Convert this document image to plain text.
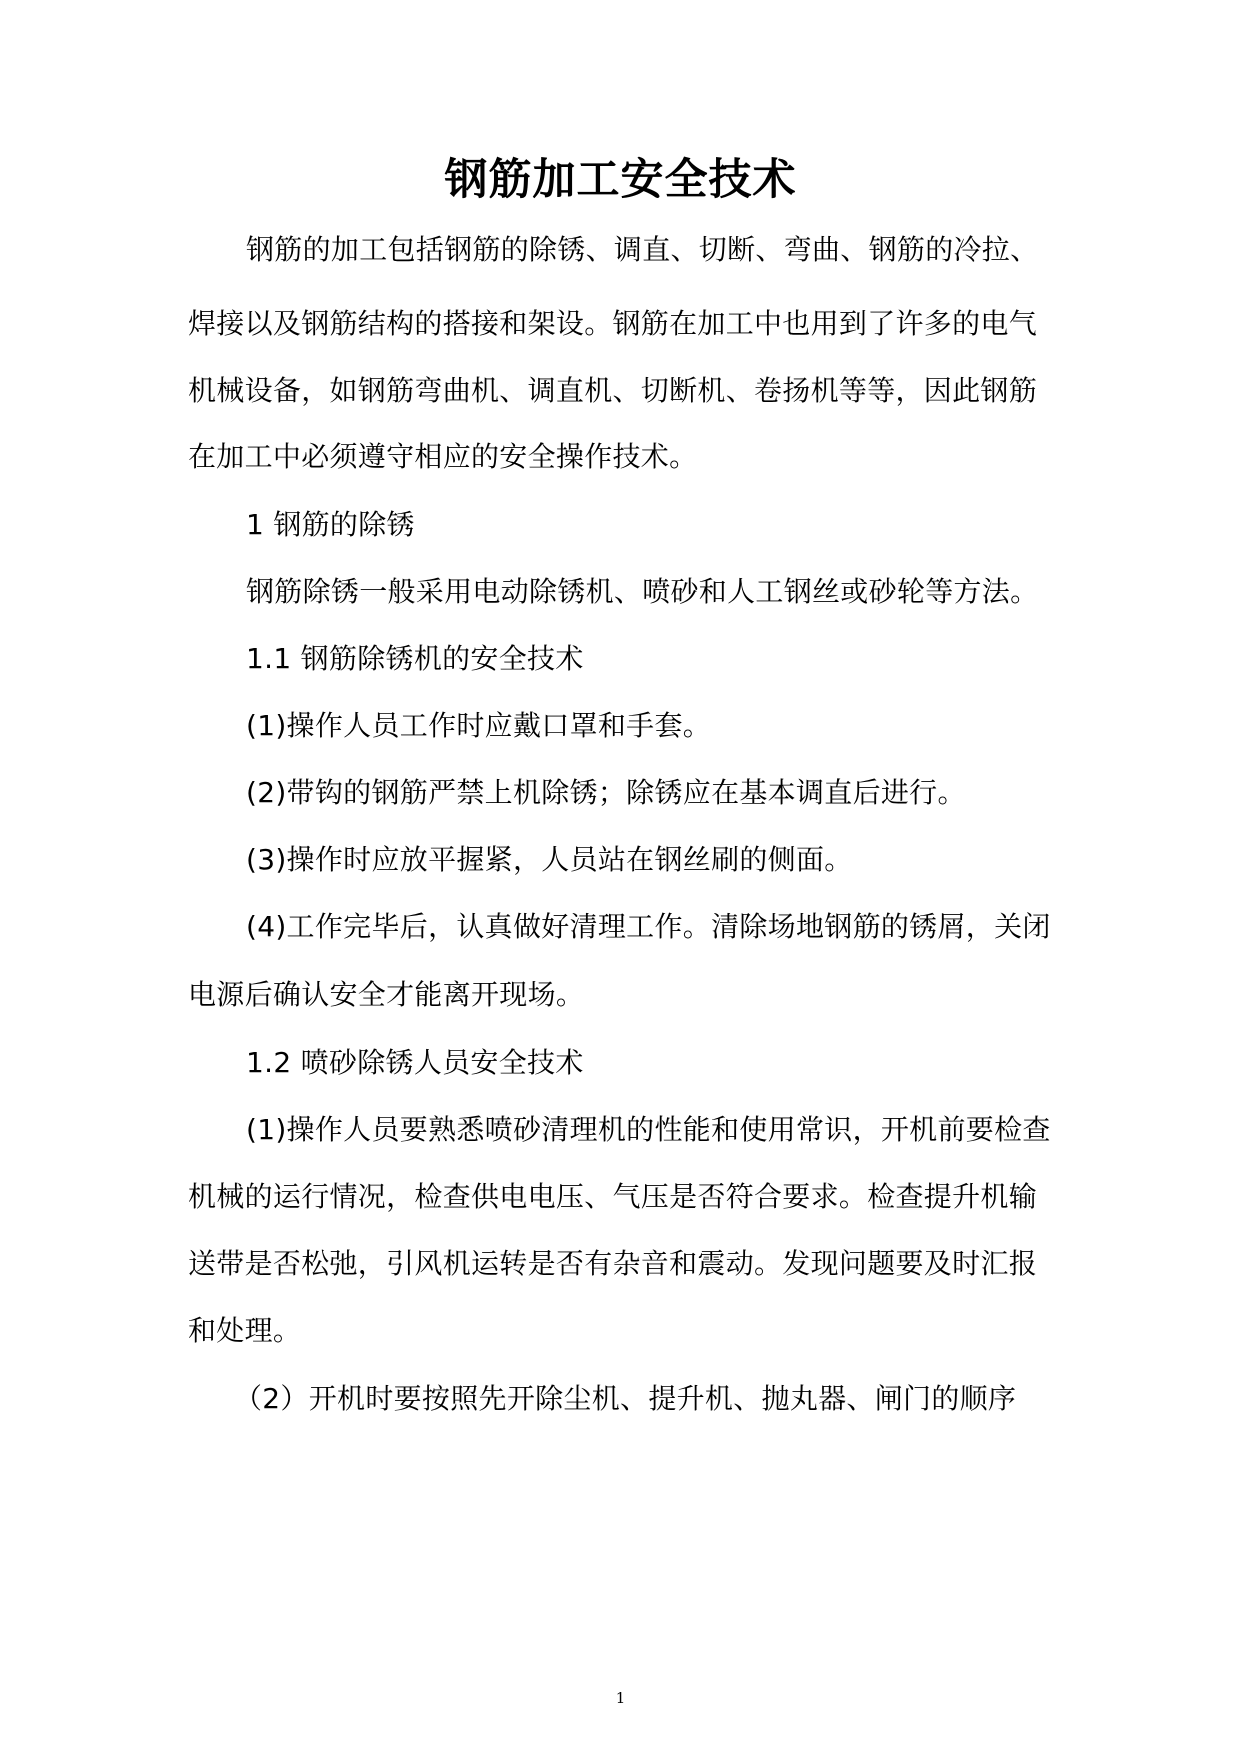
钢筋加工安全技术
钢筋的加工包括钢筋的除锈、调直、切断、弯曲、钢筋的冷拉、
焊接以及钢筋结构的搭接和架设。钢筋在加工中也用到了许多的电气
机械设备，如钢筋弯曲机、调直机、切断机、卷扬机等等，因此钢筋
在加工中必须遵守相应的安全操作技术。
1 钢筋的除锈
钢筋除锈一般采用电动除锈机、喷砂和人工钢丝或砂轮等方法。
1.1 钢筋除锈机的安全技术
(1)操作人员工作时应戴口罩和手套。
(2)带钩的钢筋严禁上机除锈；除锈应在基本调直后进行。
(3)操作时应放平握紧，人员站在钢丝刷的侧面。
(4)工作完毕后，认真做好清理工作。清除场地钢筋的锈屑，关闭
电源后确认安全才能离开现场。
1.2 喷砂除锈人员安全技术
(1)操作人员要熟悉喷砂清理机的性能和使用常识，开机前要检查
机械的运行情况，检查供电电压、气压是否符合要求。检查提升机输
送带是否松弛，引风机运转是否有杂音和震动。发现问题要及时汇报
和处理。
（2）开机时要按照先开除尘机、提升机、抛丸器、闸门的顺序
1
